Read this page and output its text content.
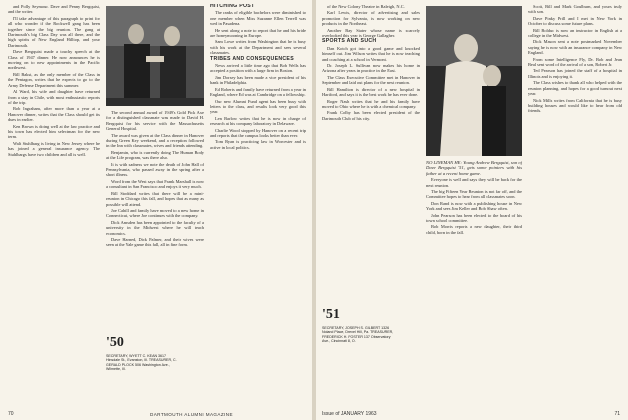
and Polly Seymour. Dave and Penny Bergquist, and the writer.

I'll take advantage of this paragraph to print for all who wonder if the Rockwell gang has been together since the big reunion. The gang at Dartmouth's big Class Day was all there, and the high spirits of New England Hilltop, and your Dartmouth.

Dave Bergquist made a touchy speech at the Class of 1947 dinner. He now announces he is moving on to new appointments in the Pacific northwest.

Bill Bakst, as the only member of the Class in the Pentagon, writes that he expects to go to the Army Defense Department this summer.

Al Ward, his wife and daughter have returned from a stay in Chile, with most enthusiastic reports of the trip.

Bob Ingraham, after more than a year at a Hanover dinner, writes that the Class should get its dues in earlier.

Ken Brown is doing well at the law practice and his town has elected him selectman for the new term.

Walt Stuhlbarg is living in New Jersey where he has joined a general insurance agency. The Stuhlbargs have two children and all is well.

The second annual award of 1949's Gold Pick Axe for a distinguished classmate was made to David H. Bergquist for his service with the Massachusetts General Hospital.

The award was given at the Class dinner in Hanover during Green Key weekend, and a reception followed in the Inn with classmates, wives and friends attending.

Benjamin, who is currently doing The Human Body at the Life program, was there also.

It is with sadness we note the death of John Hall of Pennsylvania, who passed away in the spring after a short illness.

Word from the West says that Frank Marshall is now a consultant in San Francisco and enjoys it very much.

Bill Stoddard writes that there will be a mini-reunion in Chicago this fall, and hopes that as many as possible will attend.

Joe Cahill and family have moved to a new home in Connecticut, where Joe continues with the company.

Dick Amsden has been appointed to the faculty of a university in the Midwest where he will teach economics.

Dave Harned, Dick Palmer, and their wives were seen at the Yale game this fall, all in fine form.

'50 SECRETARY, WYETT C. KEAN 3617 Hinsdale St., Evanston, Ill. TREASURER, C. GERALD PLOCK 506 Washington Ave., Wilmette, Ill.

HITCHING POST

The ranks of eligible bachelors were diminished to one member when Miss Suzanne Ellen Terrell was wed in Pasadena.

He sent along a note to report that he and his bride are honeymooning in Europe.

Sam Lowe writes from Washington that he is busy with his work at the Department and sees several classmates.

TRIBES AND CONSEQUENCES

News arrived a little time ago that Bob Wells has accepted a position with a large firm in Boston.

Jim Dorsey has been made a vice president of his bank in Philadelphia.

Ed Roberts and family have returned from a year in England, where Ed was at Cambridge on a fellowship.

Our new Alumni Fund agent has been busy with letters to the class, and results look very good this year.

Len Barlow writes that he is now in charge of research at his company laboratory in Delaware.

Charlie Wood stopped by Hanover on a recent trip and reports that the campus looks better than ever.

Tom Ryan is practicing law in Worcester and is active in local politics.

70	DARTMOUTH ALUMNI MAGAZINE

of the New Colony Theatre in Raleigh, N.C.

Karl Lewis, director of advertising and sales promotion for Sylvania, is now working on new products in the Northeast.

Another Bay Stater whose name is scarcely overlooked this year is George Gallagher.

SPORTS AND SUCH

Dan Kotch got into a good game and knocked himself out. Jim Wilson writes that he is now teaching and coaching at a school in Vermont.

Dr. Joseph L. Sullivan now makes his home in Arizona after years in practice in the East.

The Class Executive Committee met in Hanover in September and laid out plans for the next reunion.

Bill Hamilton is director of a new hospital in Hartford, and says it is the best work he has ever done.

Roger Nash writes that he and his family have moved to Ohio where he is with a chemical company.

Frank Colby has been elected president of the Dartmouth Club of his city.

'51 SECRETARY, JOSEPH S. GILBERT 1326 Noland Place, Drexel Hill, Pa. TREASURER, FREDERICK H. FOSTER 137 Observatory Ave., Cincinnati 8, O.

NO LINEMAN HE: Young Andrew Bergquist, son of Dave Bergquist '51, gets some pointers with his father at a recent home game.

Everyone is well and says they will be back for the next reunion.

The big Fifteen Year Reunion is not far off, and the Committee hopes to hear from all classmates soon.

Don Rand is now with a publishing house in New York and sees Jim Keller and Bob Shaw often.

John Pearson has been elected to the board of his town school committee.

Bob Morris reports a new daughter, their third child, born in the fall.

Scott, Bill and Mark Goulburn, and yours truly with son.

Dave Pinky Prill and I met in New York in October to discuss some future plans.

Bill Bolduc is now an instructor in English at a college in the Midwest.

Dick Mason sent a note postmarked November saying he is now with an insurance company in New England.

From some Intelligence Fly, Dr. Bob and Jean Beal sent word of the arrival of a son, Robert Jr.

Ted Pearson has joined the staff of a hospital in Illinois and is enjoying it.

The Class wishes to thank all who helped with the reunion planning, and hopes for a good turnout next year.

Nick Mills writes from California that he is busy building houses and would like to hear from old friends.

Issue of JANUARY 1963	71
